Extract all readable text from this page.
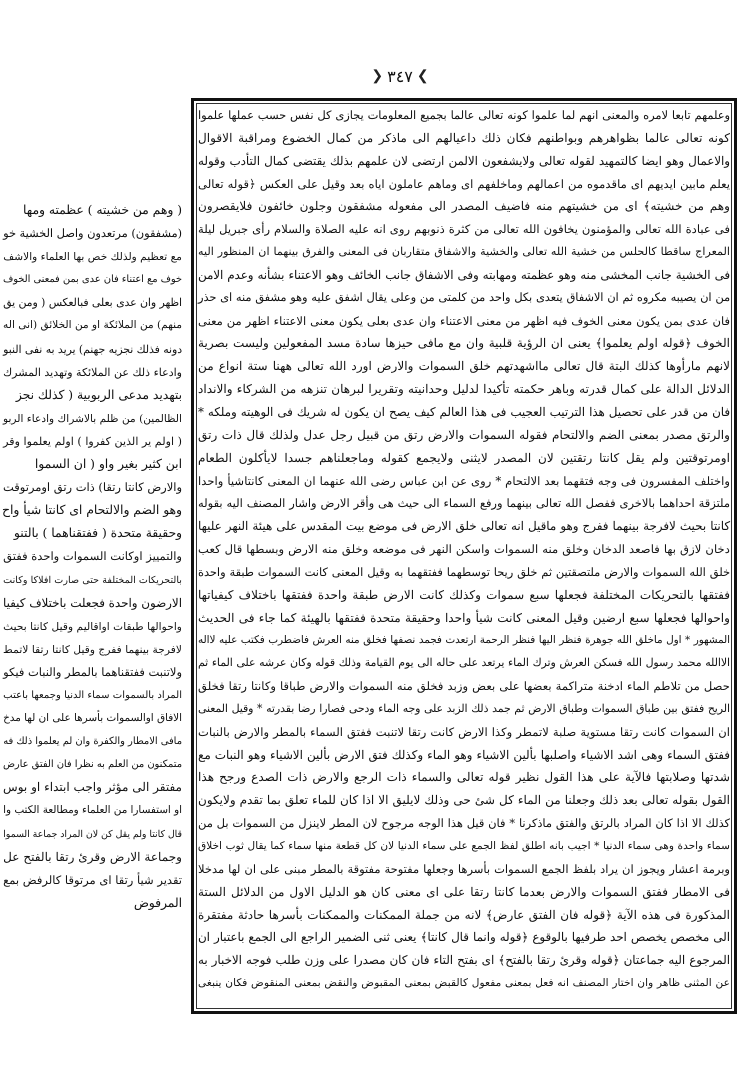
❯
٣٤٧
❮
وعلمهم تابعا لامره والمعنى انهم لما علموا كونه تعالى عالما بجميع المعلومات يجازى كل نفس حسب عملها علموا
كونه تعالى عالما بظواهرهم وبواطنهم فكان ذلك داعيالهم الى ماذكر من كمال الخضوع ومراقبة الاقوال
والاعمال وهو ايضا كالتمهيد لقوله تعالى ولايشفعون الالمن ارتضى لان علمهم بذلك يقتضى كمال التأدب وقوله
يعلم مابين ايديهم اى ماقدموه من اعمالهم وماخلفهم اى وماهم عاملون اياه بعد وقيل على العكس ﴿قوله تعالى
وهم من خشيته﴾ اى من خشيتهم منه فاضيف المصدر الى مفعوله مشفقون وجلون خائفون فلايقصرون
فى عبادة الله تعالى والمؤمنون يخافون الله تعالى من كثرة ذنوبهم روى انه عليه الصلاة والسلام رأى جبريل ليلة
المعراج ساقطا كالحلس من خشية الله تعالى والخشية والاشفاق متقاربان فى المعنى والفرق بينهما ان المنظور اليه
فى الخشية جانب المخشى منه وهو عظمته ومهابته وفى الاشفاق جانب الخائف وهو الاعتناء بشأنه وعدم الامن
من ان يصيبه مكروه ثم ان الاشفاق يتعدى بكل واحد من كلمتى من وعلى يقال اشفق عليه وهو مشفق منه اى حذر
فان عدى بمن يكون معنى الخوف فيه اظهر من معنى الاعتناء وان عدى بعلى يكون معنى الاعتناء اظهر من معنى
الخوف ﴿قوله اولم يعلموا﴾ يعنى ان الرؤية قلبية وان مع مافى حيزها سادة مسد المفعولين وليست بصرية
لانهم مارأوها كذلك البتة قال تعالى مااشهدتهم خلق السموات والارض اورد الله تعالى ههنا ستة انواع من
الدلائل الدالة على كمال قدرته وباهر حكمته تأكيدا لدليل وحدانيته وتقريرا لبرهان تنزهه من الشركاء والانداد
فان من قدر على تحصيل هذا الترتيب العجيب فى هذا العالم كيف يصح ان يكون له شريك فى الوهيته وملكه *
والرتق مصدر بمعنى الضم والالتحام فقوله السموات والارض رتق من قبيل رجل عدل ولذلك قال ذات رتق
اومرتوقتين ولم يقل كانتا رتقتين لان المصدر لايثنى ولايجمع كقوله وماجعلناهم جسدا لايأكلون الطعام
واختلف المفسرون فى وجه فتقهما بعد الالتحام * روى عن ابن عباس رضى الله عنهما ان المعنى كانتاشيأ واحدا
ملتزقة احداهما بالاخرى ففصل الله تعالى بينهما ورفع السماء الى حيث هى وأقر الارض واشار المصنف اليه بقوله
كانتا بحيث لافرجة بينهما ففرج وهو ماقيل انه تعالى خلق الارض فى موضع بيت المقدس على هيئة النهر عليها
دخان لازق بها فاصعد الدخان وخلق منه السموات واسكن النهر فى موضعه وخلق منه الارض وبسطها قال كعب
خلق الله السموات والارض ملتصقتين ثم خلق ريحا توسطهما ففتقهما به وقيل المعنى كانت السموات طبقة واحدة
ففتقها بالتحريكات المختلفة فجعلها سبع سموات وكذلك كانت الارض طبقة واحدة ففتقها باختلاف كيفياتها
واحوالها فجعلها سبع ارضين وقيل المعنى كانت شيأ واحدا وحقيقة متحدة ففتقها بالهيئة كما جاء فى الحديث
المشهور * اول ماخلق الله جوهرة فنظر اليها فنظر الرحمة ارتعدت فجمد نصفها فخلق منه العرش فاضطرب فكتب عليه لااله
الاالله محمد رسول الله فسكن العرش وترك الماء يرتعد على حاله الى يوم القيامة وذلك قوله وكان عرشه على الماء ثم
حصل من تلاطم الماء ادخنة متراكمة بعضها على بعض وزبد فخلق منه السموات والارض طباقا وكانتا رتقا فخلق
الريح ففتق بين طباق السموات وطباق الارض ثم جمد ذلك الزبد على وجه الماء ودحى فصارا رضا بقدرته * وقيل المعنى
ان السموات كانت رتقا مستوية صلبة لاتمطر وكذا الارض كانت رتقا لاتنبت ففتق السماء بالمطر والارض بالنبات
ففتق السماء وهى اشد الاشياء واصلبها بألين الاشياء وهو الماء وكذلك فتق الارض بألين الاشياء وهو النبات مع
شدتها وصلابتها فالآية على هذا القول نظير قوله تعالى والسماء ذات الرجع والارض ذات الصدع ورجح هذا
القول بقوله تعالى بعد ذلك وجعلنا من الماء كل شئ حى وذلك لايليق الا اذا كان للماء تعلق بما تقدم ولايكون
كذلك الا اذا كان المراد بالرتق والفتق ماذكرنا * فان قيل هذا الوجه مرجوح لان المطر لاينزل من السموات بل من
سماء واحدة وهى سماء الدنيا * اجيب بانه اطلق لفظ الجمع على سماء الدنيا لان كل قطعة منها سماء كما يقال ثوب اخلاق
وبرمة اعشار ويجوز ان يراد بلفظ الجمع السموات بأسرها وجعلها مفتوحة مفتوقة بالمطر مبنى على ان لها مدخلا
فى الامطار ففتق السموات والارض بعدما كانتا رتقا على اى معنى كان هو الدليل الاول من الدلائل الستة
المذكورة فى هذه الآية ﴿قوله فان الفتق عارض﴾ لانه من جملة الممكنات والممكنات بأسرها حادثة مفتقرة
الى مخصص يخصص احد طرفيها بالوقوع ﴿قوله وانما قال كانتا﴾ يعنى ثنى الضمير الراجع الى الجمع باعتبار ان
المرجوع اليه جماعتان ﴿قوله وقرئ رتقا بالفتح﴾ اى بفتح التاء فان كان مصدرا على وزن طلب فوجه الاخبار به
عن المثنى ظاهر وان اختار المصنف انه فعل بمعنى مفعول كالقبض بمعنى المقبوض والنقض بمعنى المنقوض فكان ينبغى
( وهم من خشيته ) عظمته ومها
(مشفقون) مرتعدون واصل الخشية خو
مع تعظيم ولذلك خص بها العلماء والاشف
خوف مع اعتناء فان عدى بمن فمعنى الخوف
اظهر وان عدى بعلى فبالعكس ( ومن يق
منهم) من الملائكة او من الخلائق (انى اله
دونه فذلك نجزيه جهنم) يريد به نفى النبو
وادعاء ذلك عن الملائكة وتهديد المشرك
بتهديد مدعى الربوبية ( كذلك نجز
الظالمين) من ظلم بالاشراك وادعاء الربو
( اولم ير الذين كفروا ) اولم يعلموا وقر
ابن كثير بغير واو ( ان السموا
والارض كانتا رتقا) ذات رتق اومرتوقت
وهو الضم والالتحام اى كانتا شيأ واح
وحقيقة متحدة ( ففتقناهما ) بالتنو
والتمييز اوكانت السموات واحدة ففتق
بالتحريكات المختلفة حتى صارت افلاكا وكانت
الارضون واحدة فجعلت باختلاف كيفيا
واحوالها طبقات اواقاليم وقيل كانتا بحيث
لافرجة بينهما ففرج وقيل كانتا رتقا لاتمط
ولاتنبت ففتقناهما بالمطر والنبات فيكو
المراد بالسموات سماء الدنيا وجمعها باعتب
الافاق اوالسموات بأسرها على ان لها مدخ
مافى الامطار والكفرة وان لم يعلموا ذلك فه
متمكنون من العلم به نظرا فان الفتق عارض
مفتقر الى مؤثر واجب ابتداء او بوس
او استفسارا من العلماء ومطالعة الكتب وا
قال كانتا ولم يقل كن لان المراد جماعة السموا
وجماعة الارض وقرئ رتقا بالفتح عل
تقدير شيأ رتقا اى مرتوقا كالرفض بمع
المرفوض
